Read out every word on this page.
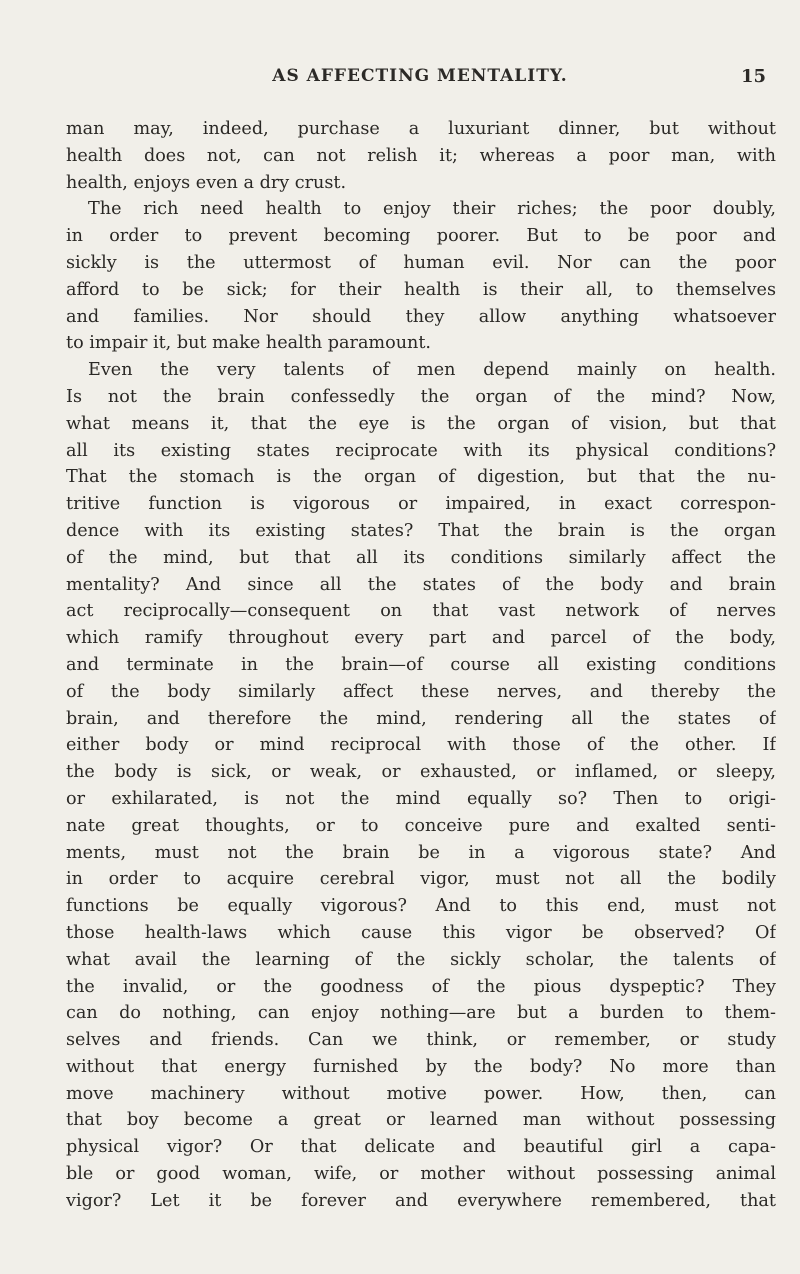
AS AFFECTING MENTALITY.	15
man may, indeed, purchase a luxuriant dinner, but without
health does not, can not relish it; whereas a poor man, with
health, enjoys even a dry crust.
The rich need health to enjoy their riches; the poor doubly,
in order to prevent becoming poorer. But to be poor and
sickly is the uttermost of human evil. Nor can the poor
afford to be sick; for their health is their all, to themselves
and families. Nor should they allow anything whatsoever
to impair it, but make health paramount.
Even the very talents of men depend mainly on health.
Is not the brain confessedly the organ of the mind? Now,
what means it, that the eye is the organ of vision, but that
all its existing states reciprocate with its physical conditions?
That the stomach is the organ of digestion, but that the nu-
tritive function is vigorous or impaired, in exact correspon-
dence with its existing states? That the brain is the organ
of the mind, but that all its conditions similarly affect the
mentality? And since all the states of the body and brain
act reciprocally—consequent on that vast network of nerves
which ramify throughout every part and parcel of the body,
and terminate in the brain—of course all existing conditions
of the body similarly affect these nerves, and thereby the
brain, and therefore the mind, rendering all the states of
either body or mind reciprocal with those of the other. If
the body is sick, or weak, or exhausted, or inflamed, or sleepy,
or exhilarated, is not the mind equally so? Then to origi-
nate great thoughts, or to conceive pure and exalted senti-
ments, must not the brain be in a vigorous state? And
in order to acquire cerebral vigor, must not all the bodily
functions be equally vigorous? And to this end, must not
those health-laws which cause this vigor be observed? Of
what avail the learning of the sickly scholar, the talents of
the invalid, or the goodness of the pious dyspeptic? They
can do nothing, can enjoy nothing—are but a burden to them-
selves and friends. Can we think, or remember, or study
without that energy furnished by the body? No more than
move machinery without motive power. How, then, can
that boy become a great or learned man without possessing
physical vigor? Or that delicate and beautiful girl a capa-
ble or good woman, wife, or mother without possessing animal
vigor? Let it be forever and everywhere remembered, that
